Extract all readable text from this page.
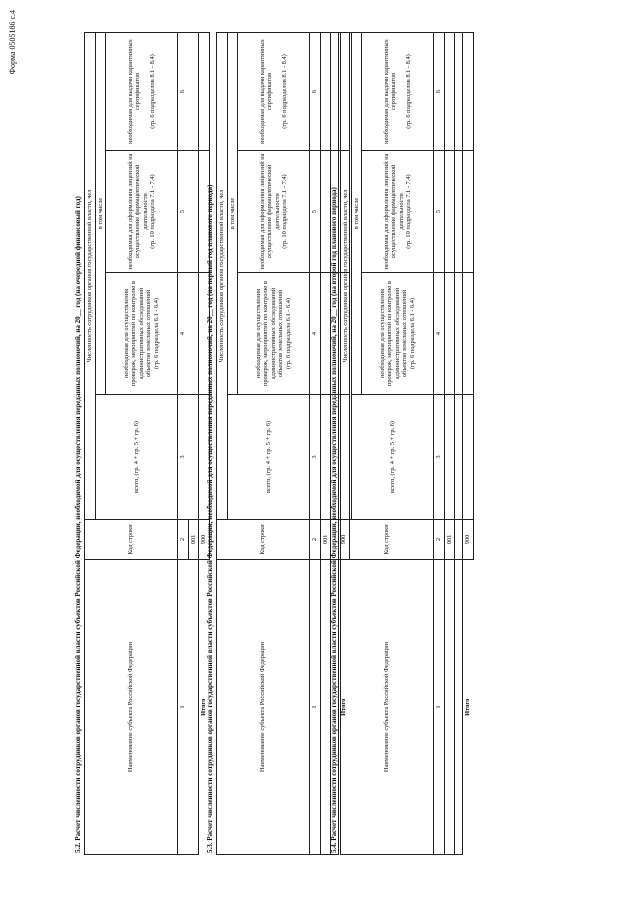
Форма 0505186 с.4
5.2. Расчет численности сотрудников органов государственной власти субъектов Российской Федерации, необходимой для осуществления переданных полномочий, на 20__ год (на очередной финансовый год)	Наименование субъекта Российской Федерации	Код строки	Численность сотрудников органов государственной власти, чел			
		всего, (гр. 4 + гр. 5 + гр. 6)	в том числе		
			необходимая для осуществления проверок, мероприятий по контролю в административных обследований объектов земельных отношений
(гр. 6 подраздела 6.1 - 6.4)	необходимая для оформления лицензий на осуществление фармацевтической деятельности
(гр. 10 подраздела 7.1 - 7.4)	необходимая для выдачи карантинных сертификатов (гр. 6 подразделов 8.1 - 8.4)
1	2	3	4	5	6
	001				
Итого	900				
5.3. Расчет численности сотрудников органов государственной власти субъектов Российской Федерации, необходимой для осуществления переданных полномочий, на 20__ год (на первый год планового периода)	Наименование субъекта Российской Федерации	Код строки	Численность сотрудников органов государственной власти, чел			
		всего, (гр. 4 + гр. 5 + гр. 6)	в том числе		
			необходимая для осуществления проверок, мероприятий по контролю в административных обследований объектов земельных отношений
(гр. 6 подраздела 6.1 - 6.4)	необходимая для оформления лицензий на осуществление фармацевтической деятельности
(гр. 10 подраздела 7.1 - 7.4)	необходимая для выдачи карантинных сертификатов (гр. 6 подразделов 8.1 - 8.4)
1	2	3	4	5	6
	001				

Итого	900				
5.4. Расчет численности сотрудников органов государственной власти субъектов Российской Федерации, необходимой для осуществления переданных полномочий, на 20__ год (на второй год планового периода)	Наименование субъекта Российской Федерации	Код строки	Численность сотрудников органов государственной власти, чел			
		всего, (гр. 4 + гр. 5 + гр. 6)	в том числе		
			необходимая для осуществления проверок, мероприятий по контролю в административных обследований объектов земельных отношений
(гр. 6 подраздела 6.1 - 6.4)	необходимая для оформления лицензий на осуществление фармацевтической деятельности
(гр. 10 подраздела 7.1 - 7.4)	необходимая для выдачи карантинных сертификатов (гр. 6 подразделов 8.1 - 8.4)
1	2	3	4	5	6
	001				

Итого	900				
